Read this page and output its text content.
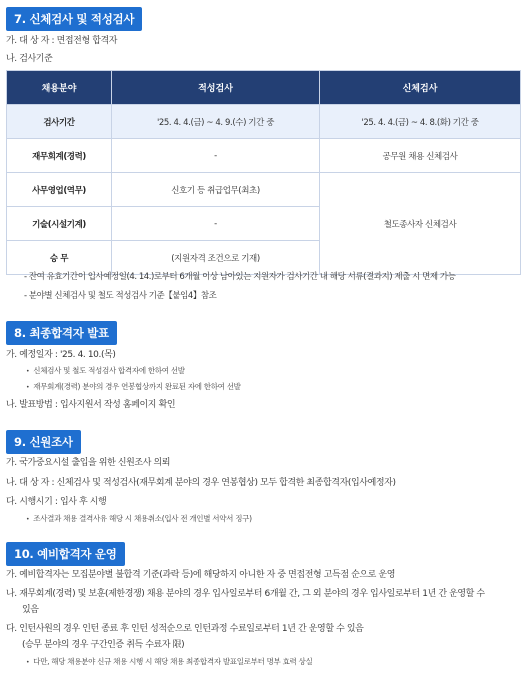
7. 신체검사 및 적성검사
가. 대 상 자 : 면접전형 합격자
나. 검사기준
채용분야	적성검사	신체검사
검사기간	'25. 4. 4.(금) ~ 4. 9.(수) 기간 중	'25. 4. 4.(금) ~ 4. 8.(화) 기간 중
재무회계(경력)	-	공무원 채용 신체검사
사무영업(역무)	신호기 등 취급업무(최초)	철도종사자 신체검사
기술(시설기계)	-	
승 무	(지원자격 조건으로 기재)	
- 잔여 유효기간이 입사예정일(4. 14.)로부터 6개월 이상 남아있는 지원자가 검사기간 내 해당 서류(결과지) 제출 시 면제 가능
- 분야별 신체검사 및 철도 적성검사 기준【붙임4】참조
8. 최종합격자 발표
가. 예정일자 : '25. 4. 10.(목)
• 신체검사 및 철도 적성검사 합격자에 한하여 선발
• 재무회계(경력) 분야의 경우 연봉협상까지 완료된 자에 한하여 선발
나. 발표방법 : 입사지원서 작성 홈페이지 확인
9. 신원조사
가. 국가중요시설 출입을 위한 신원조사 의뢰
나. 대 상 자 : 신체검사 및 적성검사(재무회계 분야의 경우 연봉협상) 모두 합격한 최종합격자(입사예정자)
다. 시행시기 : 입사 후 시행
• 조사결과 채용 결격사유 해당 시 채용취소(입사 전 개인별 서약서 징구)
10. 예비합격자 운영
가. 예비합격자는 모집분야별 불합격 기준(과락 등)에 해당하지 아니한 자 중 면접전형 고득점 순으로 운영
나. 재무회계(경력) 및 보훈(제한경쟁) 채용 분야의 경우 입사일로부터 6개월 간, 그 외 분야의 경우 입사일로부터 1년 간 운영할 수
있음
다. 인턴사원의 경우 인턴 종료 후 인턴 성적순으로 인턴과정 수료일로부터 1년 간 운영할 수 있음
(승무 분야의 경우 구간인증 취득 수료자 限)
• 다만, 해당 채용분야 신규 채용 시행 시 해당 채용 최종합격자 발표일로부터 명부 효력 상실
